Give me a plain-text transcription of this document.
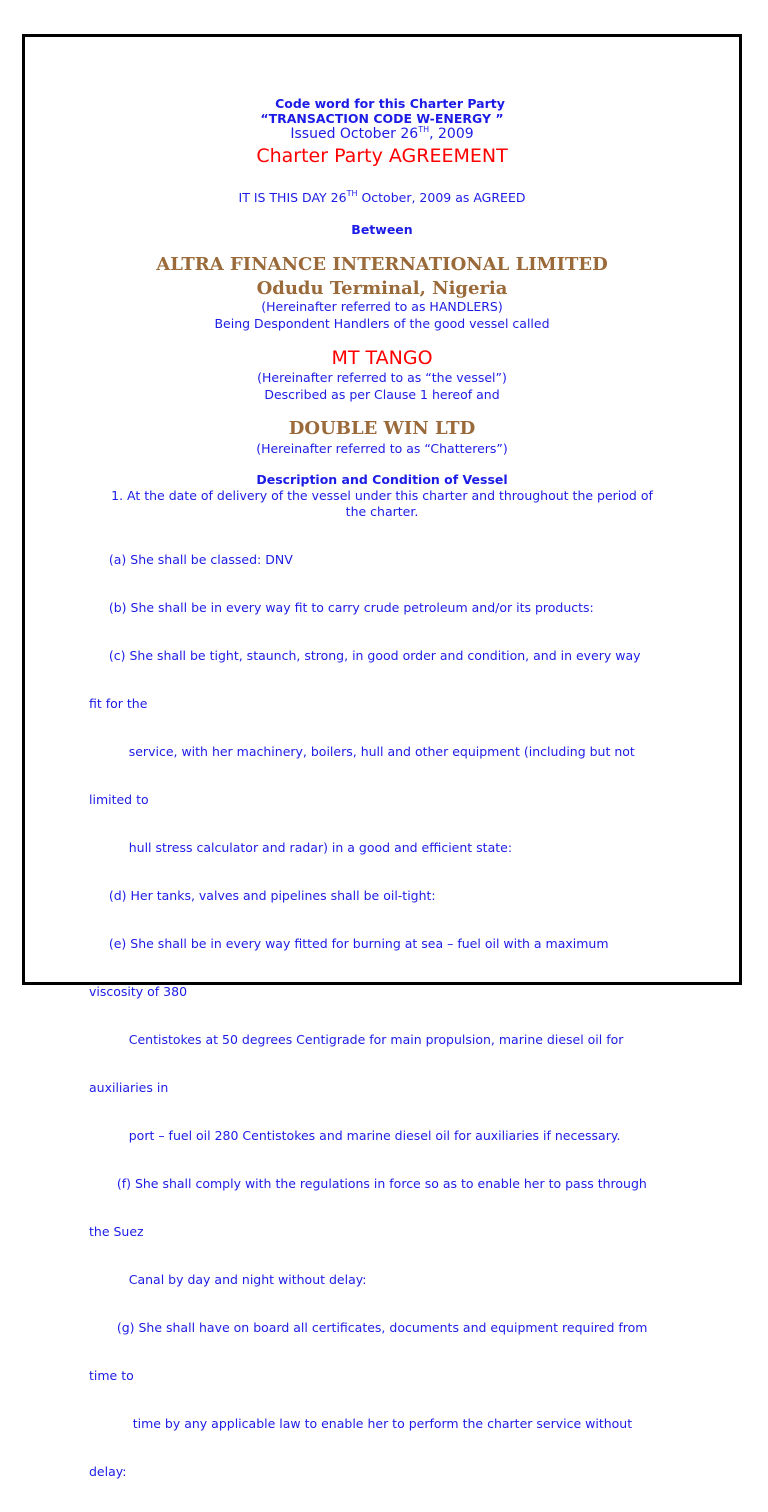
Code word for this Charter Party
“TRANSACTION CODE W-ENERGY ”
Issued October 26TH, 2009
Charter Party AGREEMENT
IT IS THIS DAY 26TH October, 2009 as AGREED
Between
ALTRA FINANCE INTERNATIONAL LIMITED
Odudu Terminal, Nigeria
(Hereinafter referred to as HANDLERS)
Being Despondent Handlers of the good vessel called
MT TANGO
(Hereinafter referred to as “the vessel”)
Described as per Clause 1 hereof and
DOUBLE WIN LTD
(Hereinafter referred to as “Chatterers”)
Description and Condition of Vessel
1. At the date of delivery of the vessel under this charter and throughout the period of
the charter.

(a) She shall be classed: DNV

(b) She shall be in every way fit to carry crude petroleum and/or its products:

(c) She shall be tight, staunch, strong, in good order and condition, and in every way

fit for the

service, with her machinery, boilers, hull and other equipment (including but not

limited to

hull stress calculator and radar) in a good and efficient state:

(d) Her tanks, valves and pipelines shall be oil-tight:

(e) She shall be in every way fitted for burning at sea – fuel oil with a maximum

viscosity of 380

Centistokes at 50 degrees Centigrade for main propulsion, marine diesel oil for

auxiliaries in

port – fuel oil 280 Centistokes and marine diesel oil for auxiliaries if necessary.

(f) She shall comply with the regulations in force so as to enable her to pass through

the Suez

Canal by day and night without delay:

(g) She shall have on board all certificates, documents and equipment required from

time to

time by any applicable law to enable her to perform the charter service without

delay:
